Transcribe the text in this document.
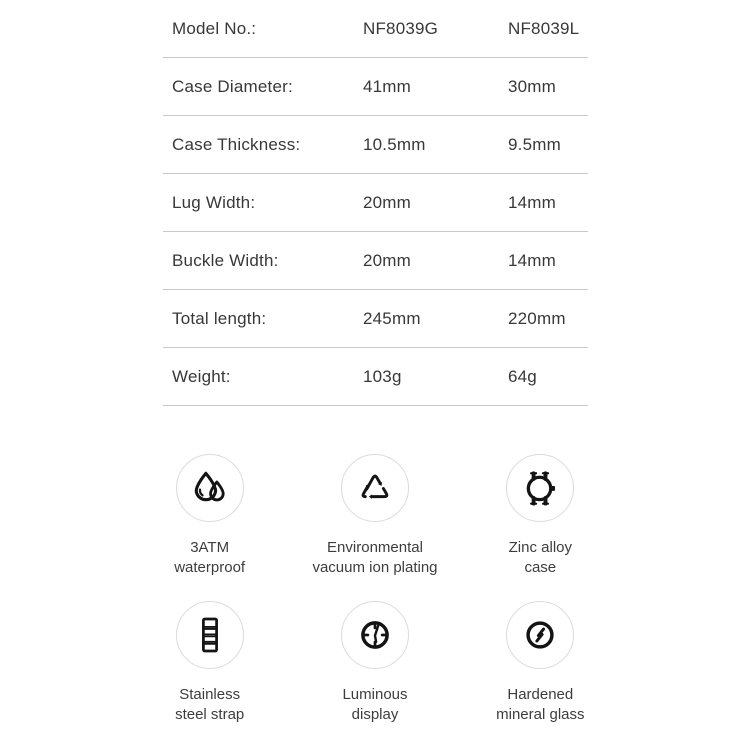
Model No.:	NF8039G	NF8039L
Case Diameter:	41mm	30mm
Case Thickness:	10.5mm	9.5mm
Lug Width:	20mm	14mm
Buckle Width:	20mm	14mm
Total length:	245mm	220mm
Weight:	103g	64g
3ATM
waterproof
Environmental
vacuum ion plating
Zinc alloy
case
Stainless
steel strap
Luminous
display
Hardened
mineral glass
